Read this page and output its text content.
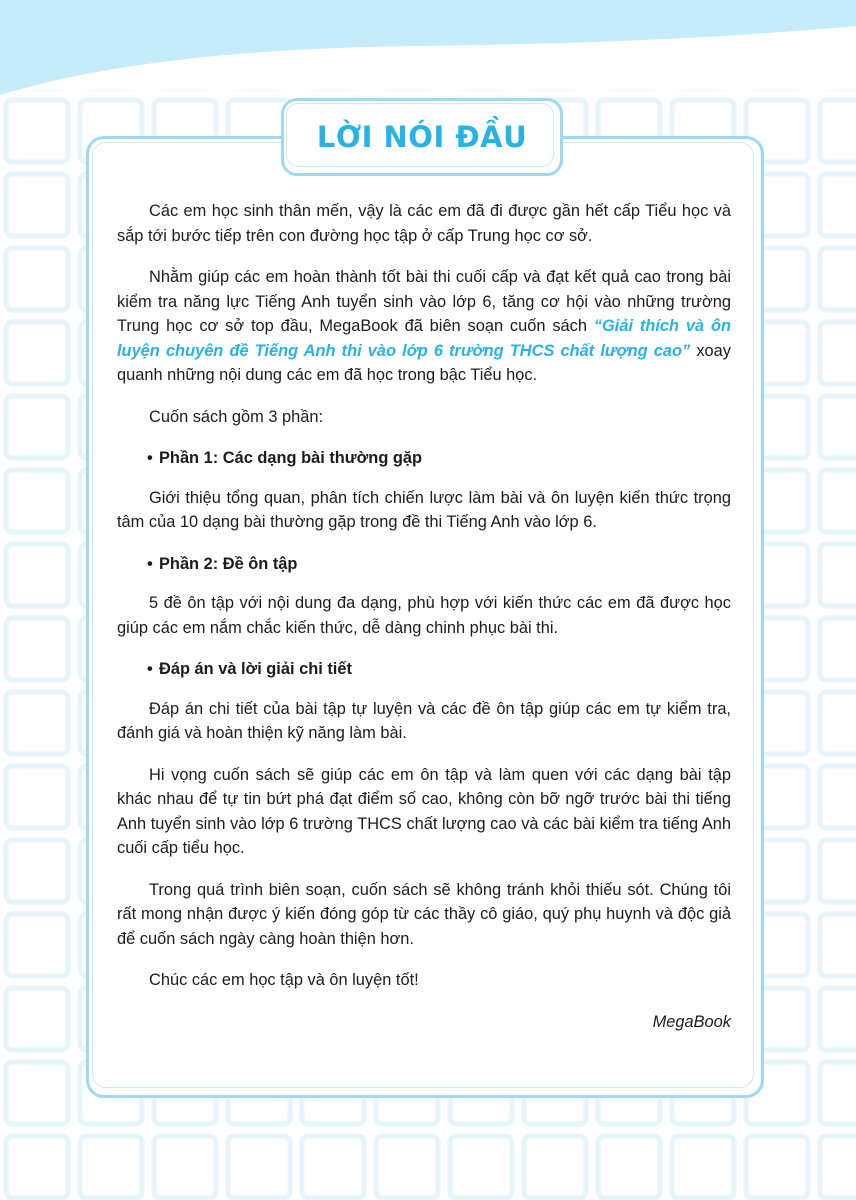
LỜI NÓI ĐẦU

Các em học sinh thân mến, vậy là các em đã đi được gần hết cấp Tiểu học và sắp tới bước tiếp trên con đường học tập ở cấp Trung học cơ sở.

Nhằm giúp các em hoàn thành tốt bài thi cuối cấp và đạt kết quả cao trong bài kiểm tra năng lực Tiếng Anh tuyển sinh vào lớp 6, tăng cơ hội vào những trường Trung học cơ sở top đầu, MegaBook đã biên soạn cuốn sách “Giải thích và ôn luyện chuyên đề Tiếng Anh thi vào lớp 6 trường THCS chất lượng cao” xoay quanh những nội dung các em đã học trong bậc Tiểu học.

Cuốn sách gồm 3 phần:

• Phần 1: Các dạng bài thường gặp

Giới thiệu tổng quan, phân tích chiến lược làm bài và ôn luyện kiến thức trọng tâm của 10 dạng bài thường gặp trong đề thi Tiếng Anh vào lớp 6.

• Phần 2: Đề ôn tập

5 đề ôn tập với nội dung đa dạng, phù hợp với kiến thức các em đã được học giúp các em nắm chắc kiến thức, dễ dàng chinh phục bài thi.

• Đáp án và lời giải chi tiết

Đáp án chi tiết của bài tập tự luyện và các đề ôn tập giúp các em tự kiểm tra, đánh giá và hoàn thiện kỹ năng làm bài.

Hi vọng cuốn sách sẽ giúp các em ôn tập và làm quen với các dạng bài tập khác nhau để tự tin bứt phá đạt điểm số cao, không còn bỡ ngỡ trước bài thi tiếng Anh tuyển sinh vào lớp 6 trường THCS chất lượng cao và các bài kiểm tra tiếng Anh cuối cấp tiểu học.

Trong quá trình biên soạn, cuốn sách sẽ không tránh khỏi thiếu sót. Chúng tôi rất mong nhận được ý kiến đóng góp từ các thầy cô giáo, quý phụ huynh và độc giả để cuốn sách ngày càng hoàn thiện hơn.

Chúc các em học tập và ôn luyện tốt!

MegaBook
